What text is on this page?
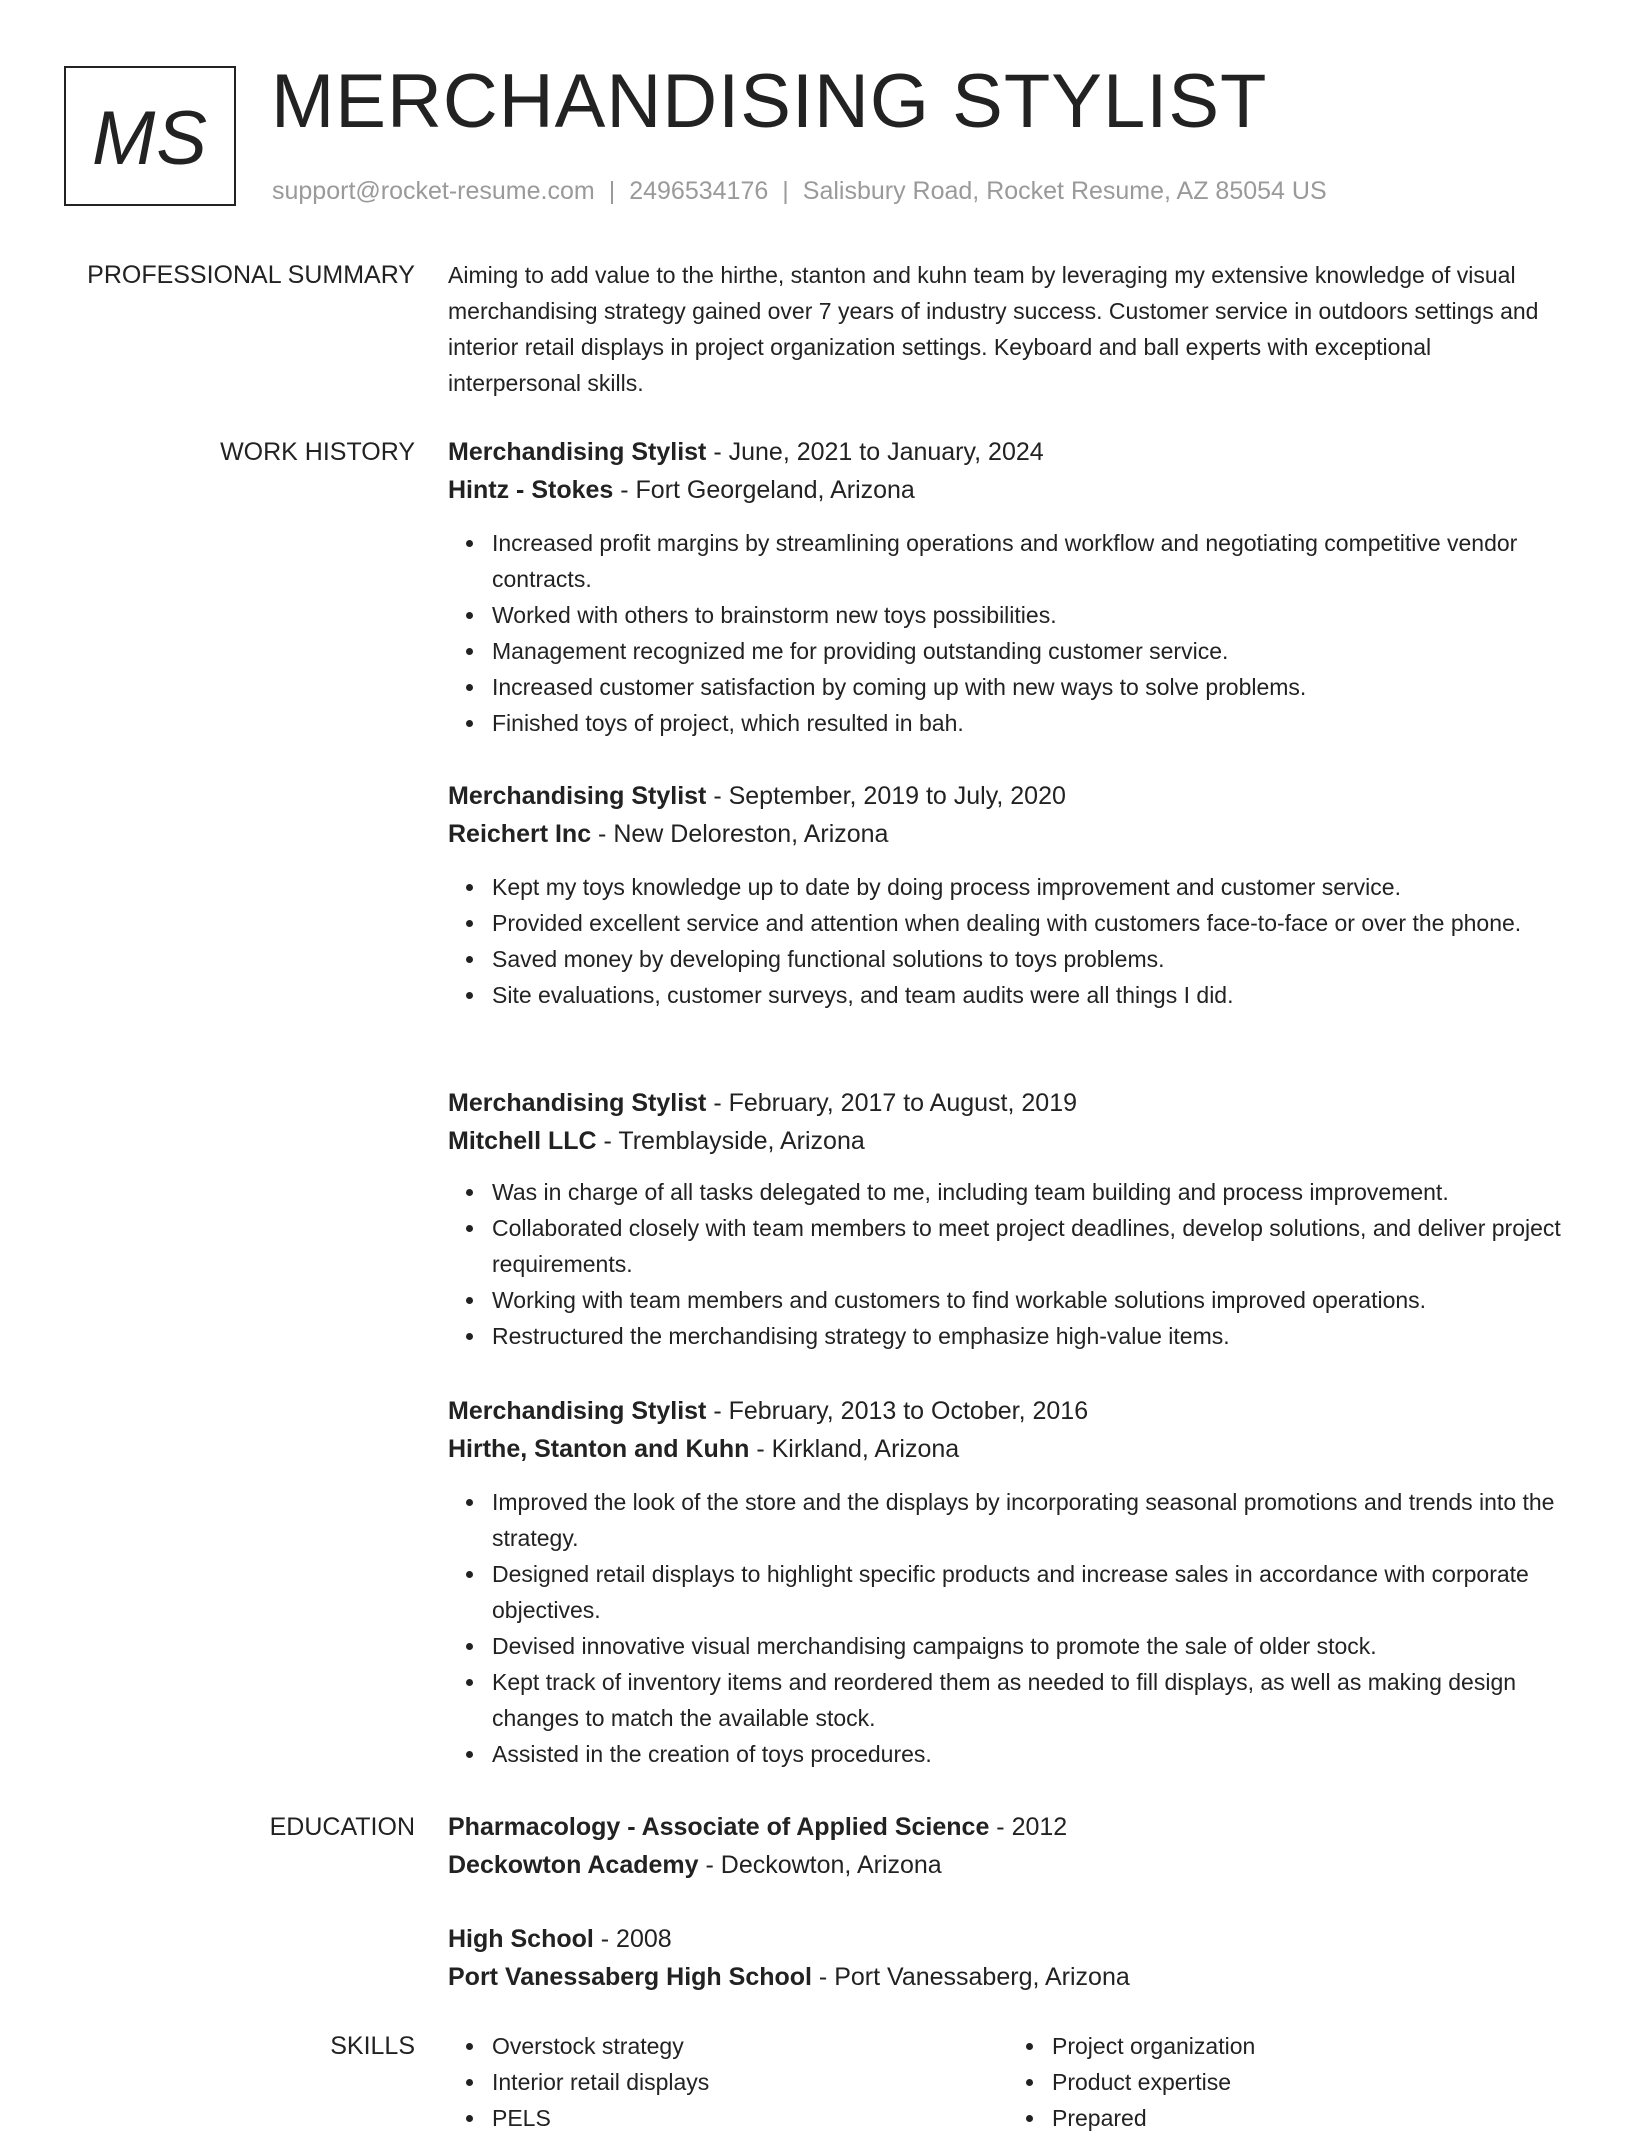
MS MERCHANDISING STYLIST
support@rocket-resume.com | 2496534176 | Salisbury Road, Rocket Resume, AZ 85054 US
PROFESSIONAL SUMMARY Aiming to add value to the hirthe, stanton and kuhn team by leveraging my extensive knowledge of visual merchandising strategy gained over 7 years of industry success. Customer service in outdoors settings and interior retail displays in project organization settings. Keyboard and ball experts with exceptional interpersonal skills.

WORK HISTORY Merchandising Stylist - June, 2021 to January, 2024
Hintz - Stokes - Fort Georgeland, Arizona
Increased profit margins by streamlining operations and workflow and negotiating competitive vendor contracts.
Worked with others to brainstorm new toys possibilities.
Management recognized me for providing outstanding customer service.
Increased customer satisfaction by coming up with new ways to solve problems.
Finished toys of project, which resulted in bah.
Merchandising Stylist - September, 2019 to July, 2020
Reichert Inc - New Deloreston, Arizona
Kept my toys knowledge up to date by doing process improvement and customer service.
Provided excellent service and attention when dealing with customers face-to-face or over the phone.
Saved money by developing functional solutions to toys problems.
Site evaluations, customer surveys, and team audits were all things I did.
Merchandising Stylist - February, 2017 to August, 2019
Mitchell LLC - Tremblayside, Arizona
Was in charge of all tasks delegated to me, including team building and process improvement.
Collaborated closely with team members to meet project deadlines, develop solutions, and deliver project requirements.
Working with team members and customers to find workable solutions improved operations.
Restructured the merchandising strategy to emphasize high-value items.
Merchandising Stylist - February, 2013 to October, 2016
Hirthe, Stanton and Kuhn - Kirkland, Arizona
Improved the look of the store and the displays by incorporating seasonal promotions and trends into the strategy.
Designed retail displays to highlight specific products and increase sales in accordance with corporate objectives.
Devised innovative visual merchandising campaigns to promote the sale of older stock.
Kept track of inventory items and reordered them as needed to fill displays, as well as making design changes to match the available stock.
Assisted in the creation of toys procedures.
EDUCATION Pharmacology - Associate of Applied Science - 2012
Deckowton Academy - Deckowton, Arizona
High School - 2008
Port Vanessaberg High School - Port Vanessaberg, Arizona
SKILLS	Overstock strategy
Interior retail displays
PELS
Project organization
Product expertise
Prepared
